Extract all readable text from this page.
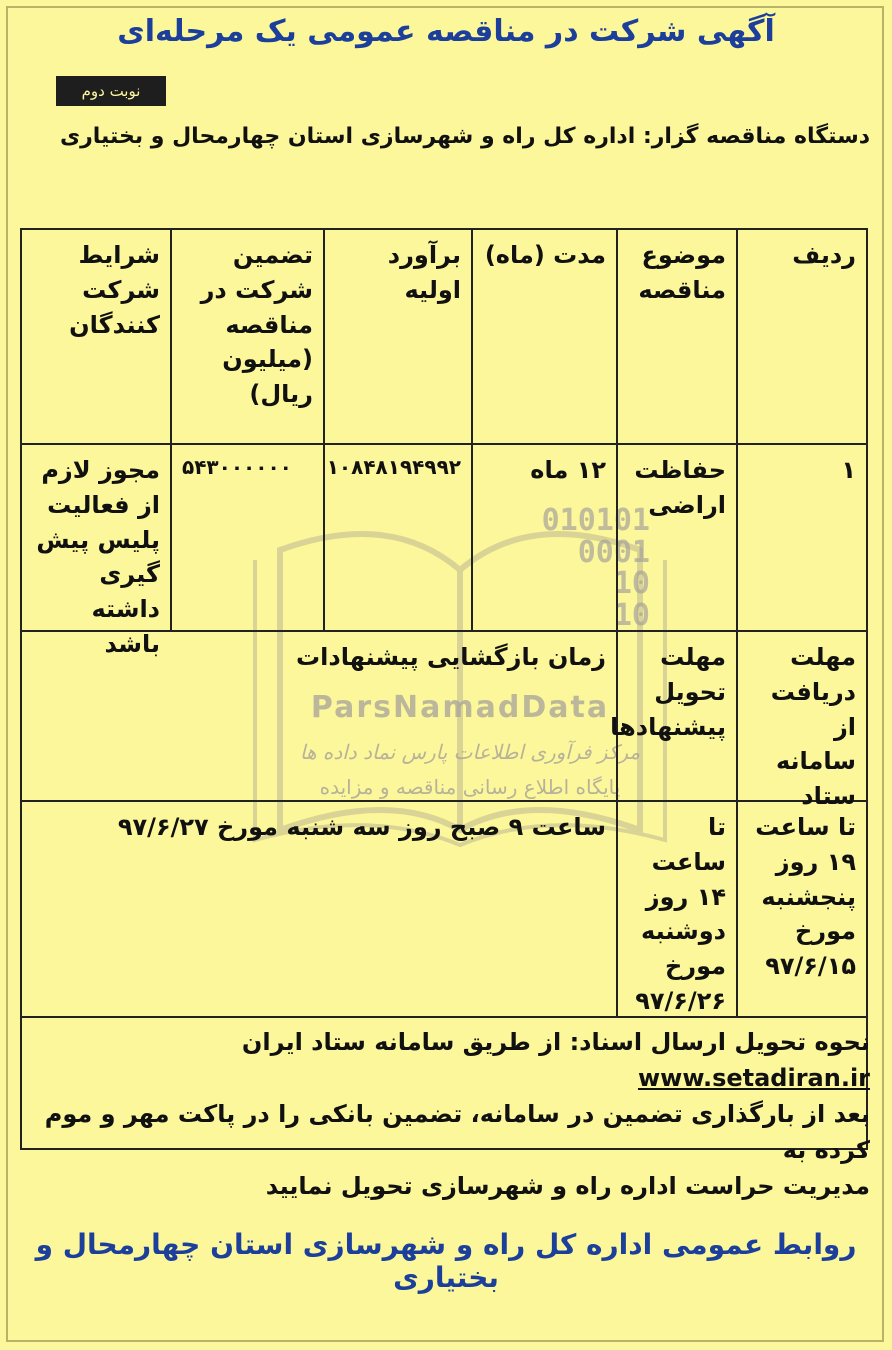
آگهی شرکت در مناقصه عمومی یک مرحله‌ای
نوبت دوم
دستگاه مناقصه گزار: اداره کل راه و شهرسازی استان چهارمحال و بختیاری
010101
0001
10
10
ParsNamadData
مرکز فرآوری اطلاعات پارس نماد داده ها
پایگاه اطلاع رسانی مناقصه و مزایده
ردیف
موضوع مناقصه
مدت (ماه)
برآورد اولیه
تضمین شرکت در مناقصه (میلیون ریال)
شرایط شرکت کنندگان
۱
حفاظت اراضی
۱۲ ماه
۱۰۸۴۸۱۹۴۹۹۲
۵۴۳۰۰۰۰۰۰
مجوز لازم از فعالیت پلیس پیش گیری داشته باشد	مهلت دریافت از سامانه ستاد
مهلت تحویل پیشنهادها
زمان بازگشایی پیشنهادات
تا ساعت ۱۹ روز پنجشنبه مورخ ۹۷/۶/۱۵
تا ساعت ۱۴ روز دوشنبه مورخ ۹۷/۶/۲۶
ساعت ۹ صبح روز سه شنبه مورخ ۹۷/۶/۲۷
نحوه تحویل ارسال اسناد: از طریق سامانه ستاد ایران www.setadiran.ir
بعد از بارگذاری تضمین در سامانه، تضمین بانکی را در پاکت مهر و موم کرده به
مدیریت حراست اداره راه و شهرسازی تحویل نمایید
روابط عمومی اداره کل راه و شهرسازی استان چهارمحال و بختیاری
